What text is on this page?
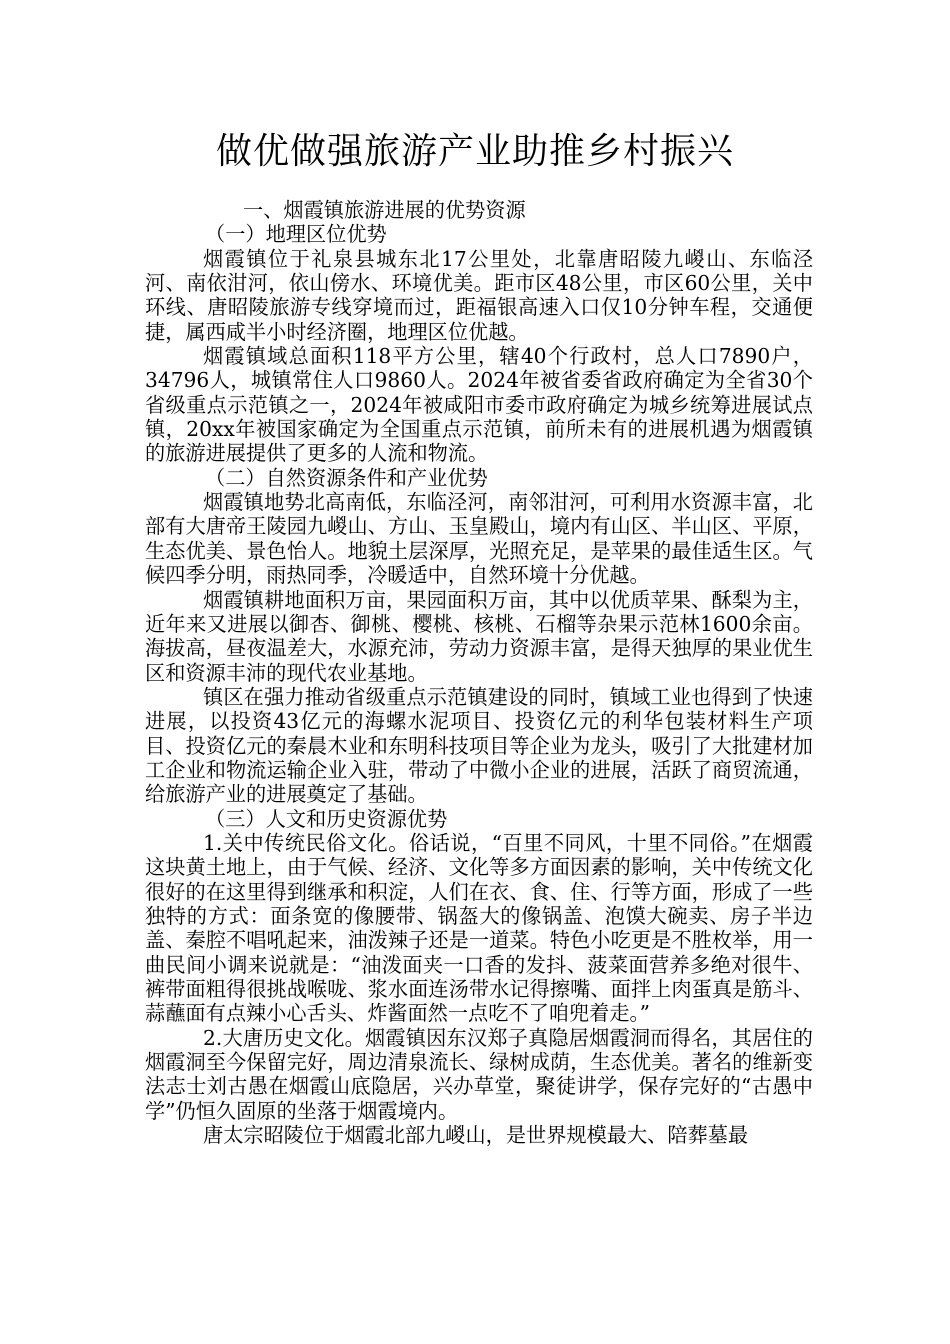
做优做强旅游产业助推乡村振兴

一、烟霞镇旅游进展的优势资源

（一）地理区位优势

烟霞镇位于礼泉县城东北17公里处，北靠唐昭陵九嵕山、东临泾河、南依泔河，依山傍水、环境优美。距市区48公里，市区60公里，关中环线、唐昭陵旅游专线穿境而过，距福银高速入口仅10分钟车程，交通便捷，属西咸半小时经济圈，地理区位优越。

烟霞镇域总面积118平方公里，辖40个行政村，总人口7890户，34796人，城镇常住人口9860人。2024年被省委省政府确定为全省30个省级重点示范镇之一，2024年被咸阳市委市政府确定为城乡统筹进展试点镇，20xx年被国家确定为全国重点示范镇，前所未有的进展机遇为烟霞镇的旅游进展提供了更多的人流和物流。

（二）自然资源条件和产业优势

烟霞镇地势北高南低，东临泾河，南邻泔河，可利用水资源丰富，北部有大唐帝王陵园九嵕山、方山、玉皇殿山，境内有山区、半山区、平原，生态优美、景色怡人。地貌土层深厚，光照充足，是苹果的最佳适生区。气候四季分明，雨热同季，冷暖适中，自然环境十分优越。

烟霞镇耕地面积万亩，果园面积万亩，其中以优质苹果、酥梨为主，近年来又进展以御杏、御桃、樱桃、核桃、石榴等杂果示范林1600余亩。海拔高，昼夜温差大，水源充沛，劳动力资源丰富，是得天独厚的果业优生区和资源丰沛的现代农业基地。

镇区在强力推动省级重点示范镇建设的同时，镇域工业也得到了快速进展，以投资43亿元的海螺水泥项目、投资亿元的利华包装材料生产项目、投资亿元的秦晨木业和东明科技项目等企业为龙头，吸引了大批建材加工企业和物流运输企业入驻，带动了中微小企业的进展，活跃了商贸流通，给旅游产业的进展奠定了基础。

（三）人文和历史资源优势

1.关中传统民俗文化。俗话说，“百里不同风，十里不同俗。”在烟霞这块黄土地上，由于气候、经济、文化等多方面因素的影响，关中传统文化很好的在这里得到继承和积淀，人们在衣、食、住、行等方面，形成了一些独特的方式：面条宽的像腰带、锅盔大的像锅盖、泡馍大碗卖、房子半边盖、秦腔不唱吼起来，油泼辣子还是一道菜。特色小吃更是不胜枚举，用一曲民间小调来说就是：“油泼面夹一口香的发抖、菠菜面营养多绝对很牛、裤带面粗得很挑战喉咙、浆水面连汤带水记得擦嘴、面拌上肉蛋真是筋斗、蒜蘸面有点辣小心舌头、炸酱面然一点吃不了咱兜着走。”

2.大唐历史文化。烟霞镇因东汉郑子真隐居烟霞洞而得名，其居住的烟霞洞至今保留完好，周边清泉流长、绿树成荫，生态优美。著名的维新变法志士刘古愚在烟霞山底隐居，兴办草堂，聚徒讲学，保存完好的“古愚中学”仍恒久固原的坐落于烟霞境内。

唐太宗昭陵位于烟霞北部九嵕山，是世界规模最大、陪葬墓最
